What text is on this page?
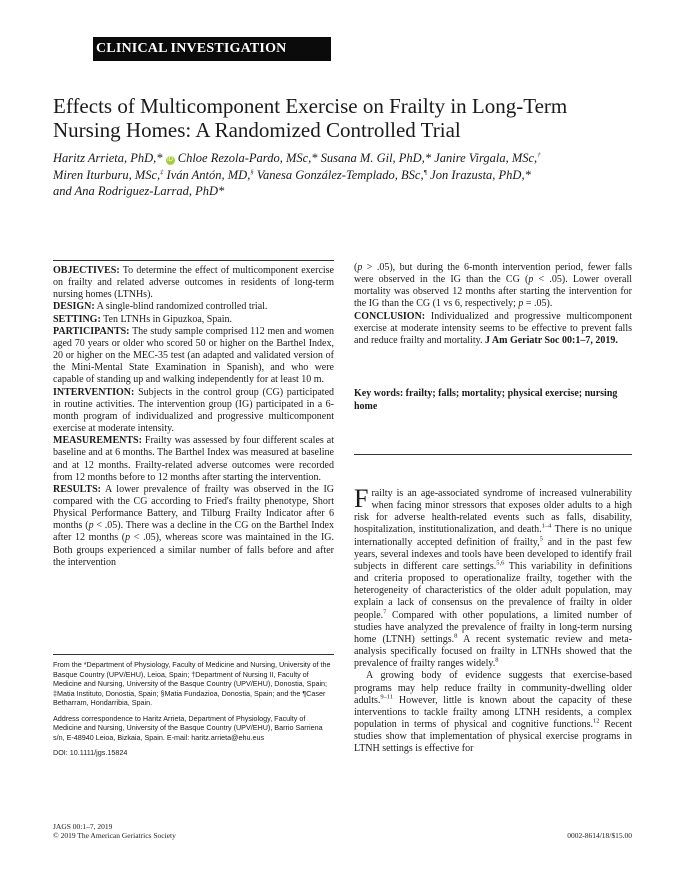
CLINICAL INVESTIGATION
Effects of Multicomponent Exercise on Frailty in Long-Term Nursing Homes: A Randomized Controlled Trial
Haritz Arrieta, PhD,* iD Chloe Rezola-Pardo, MSc,* Susana M. Gil, PhD,* Janire Virgala, MSc,†
Miren Iturburu, MSc,‡ Iván Antón, MD,§ Vanesa González-Templado, BSc,¶ Jon Irazusta, PhD,*
and Ana Rodriguez-Larrad, PhD*

OBJECTIVES: To determine the effect of multicomponent exercise on frailty and related adverse outcomes in residents of long-term nursing homes (LTNHs).

DESIGN: A single-blind randomized controlled trial.

SETTING: Ten LTNHs in Gipuzkoa, Spain.

PARTICIPANTS: The study sample comprised 112 men and women aged 70 years or older who scored 50 or higher on the Barthel Index, 20 or higher on the MEC-35 test (an adapted and validated version of the Mini-Mental State Examination in Spanish), and who were capable of standing up and walking independently for at least 10 m.

INTERVENTION: Subjects in the control group (CG) participated in routine activities. The intervention group (IG) participated in a 6-month program of individualized and progressive multicomponent exercise at moderate intensity.

MEASUREMENTS: Frailty was assessed by four different scales at baseline and at 6 months. The Barthel Index was measured at baseline and at 12 months. Frailty-related adverse outcomes were recorded from 12 months before to 12 months after starting the intervention.

RESULTS: A lower prevalence of frailty was observed in the IG compared with the CG according to Fried's frailty phenotype, Short Physical Performance Battery, and Tilburg Frailty Indicator after 6 months (p < .05). There was a decline in the CG on the Barthel Index after 12 months (p < .05), whereas score was maintained in the IG. Both groups experienced a similar number of falls before and after the intervention

(p > .05), but during the 6-month intervention period, fewer falls were observed in the IG than the CG (p < .05). Lower overall mortality was observed 12 months after starting the intervention for the IG than the CG (1 vs 6, respectively; p = .05).

CONCLUSION: Individualized and progressive multicomponent exercise at moderate intensity seems to be effective to prevent falls and reduce frailty and mortality. J Am Geriatr Soc 00:1–7, 2019.

Key words: frailty; falls; mortality; physical exercise; nursing home

Frailty is an age-associated syndrome of increased vulnerability when facing minor stressors that exposes older adults to a high risk for adverse health-related events such as falls, disability, hospitalization, institutionalization, and death.$^{1-4}$ There is no unique internationally accepted definition of frailty,$^5$ and in the past few years, several indexes and tools have been developed to identify frail subjects in different care settings.$^{5,6}$ This variability in definitions and criteria proposed to operationalize frailty, together with the heterogeneity of characteristics of the older adult population, may explain a lack of consensus on the prevalence of frailty in older people.$^7$ Compared with other populations, a limited number of studies have analyzed the prevalence of frailty in long-term nursing home (LTNH) settings.$^8$ A recent systematic review and meta-analysis specifically focused on frailty in LTNHs showed that the prevalence of frailty ranges widely.$^8$

A growing body of evidence suggests that exercise-based programs may help reduce frailty in community-dwelling older adults.$^{9-11}$ However, little is known about the capacity of these interventions to tackle frailty among LTNH residents, a complex population in terms of physical and cognitive functions.$^{12}$ Recent studies show that implementation of physical exercise programs in LTNH settings is effective for

From the *Department of Physiology, Faculty of Medicine and Nursing, University of the Basque Country (UPV/EHU), Leioa, Spain; †Department of Nursing II, Faculty of Medicine and Nursing, University of the Basque Country (UPV/EHU), Donostia, Spain; ‡Matia Instituto, Donostia, Spain; §Matia Fundazioa, Donostia, Spain; and the ¶Caser Betharram, Hondarribia, Spain.

Address correspondence to Haritz Arrieta, Department of Physiology, Faculty of Medicine and Nursing, University of the Basque Country (UPV/EHU), Barrio Sarriena s/n, E-48940 Leioa, Bizkaia, Spain. E-mail: haritz.arrieta@ehu.eus

DOI: 10.1111/jgs.15824

JAGS 00:1–7, 2019
© 2019 The American Geriatrics Society	0002-8614/18/$15.00
